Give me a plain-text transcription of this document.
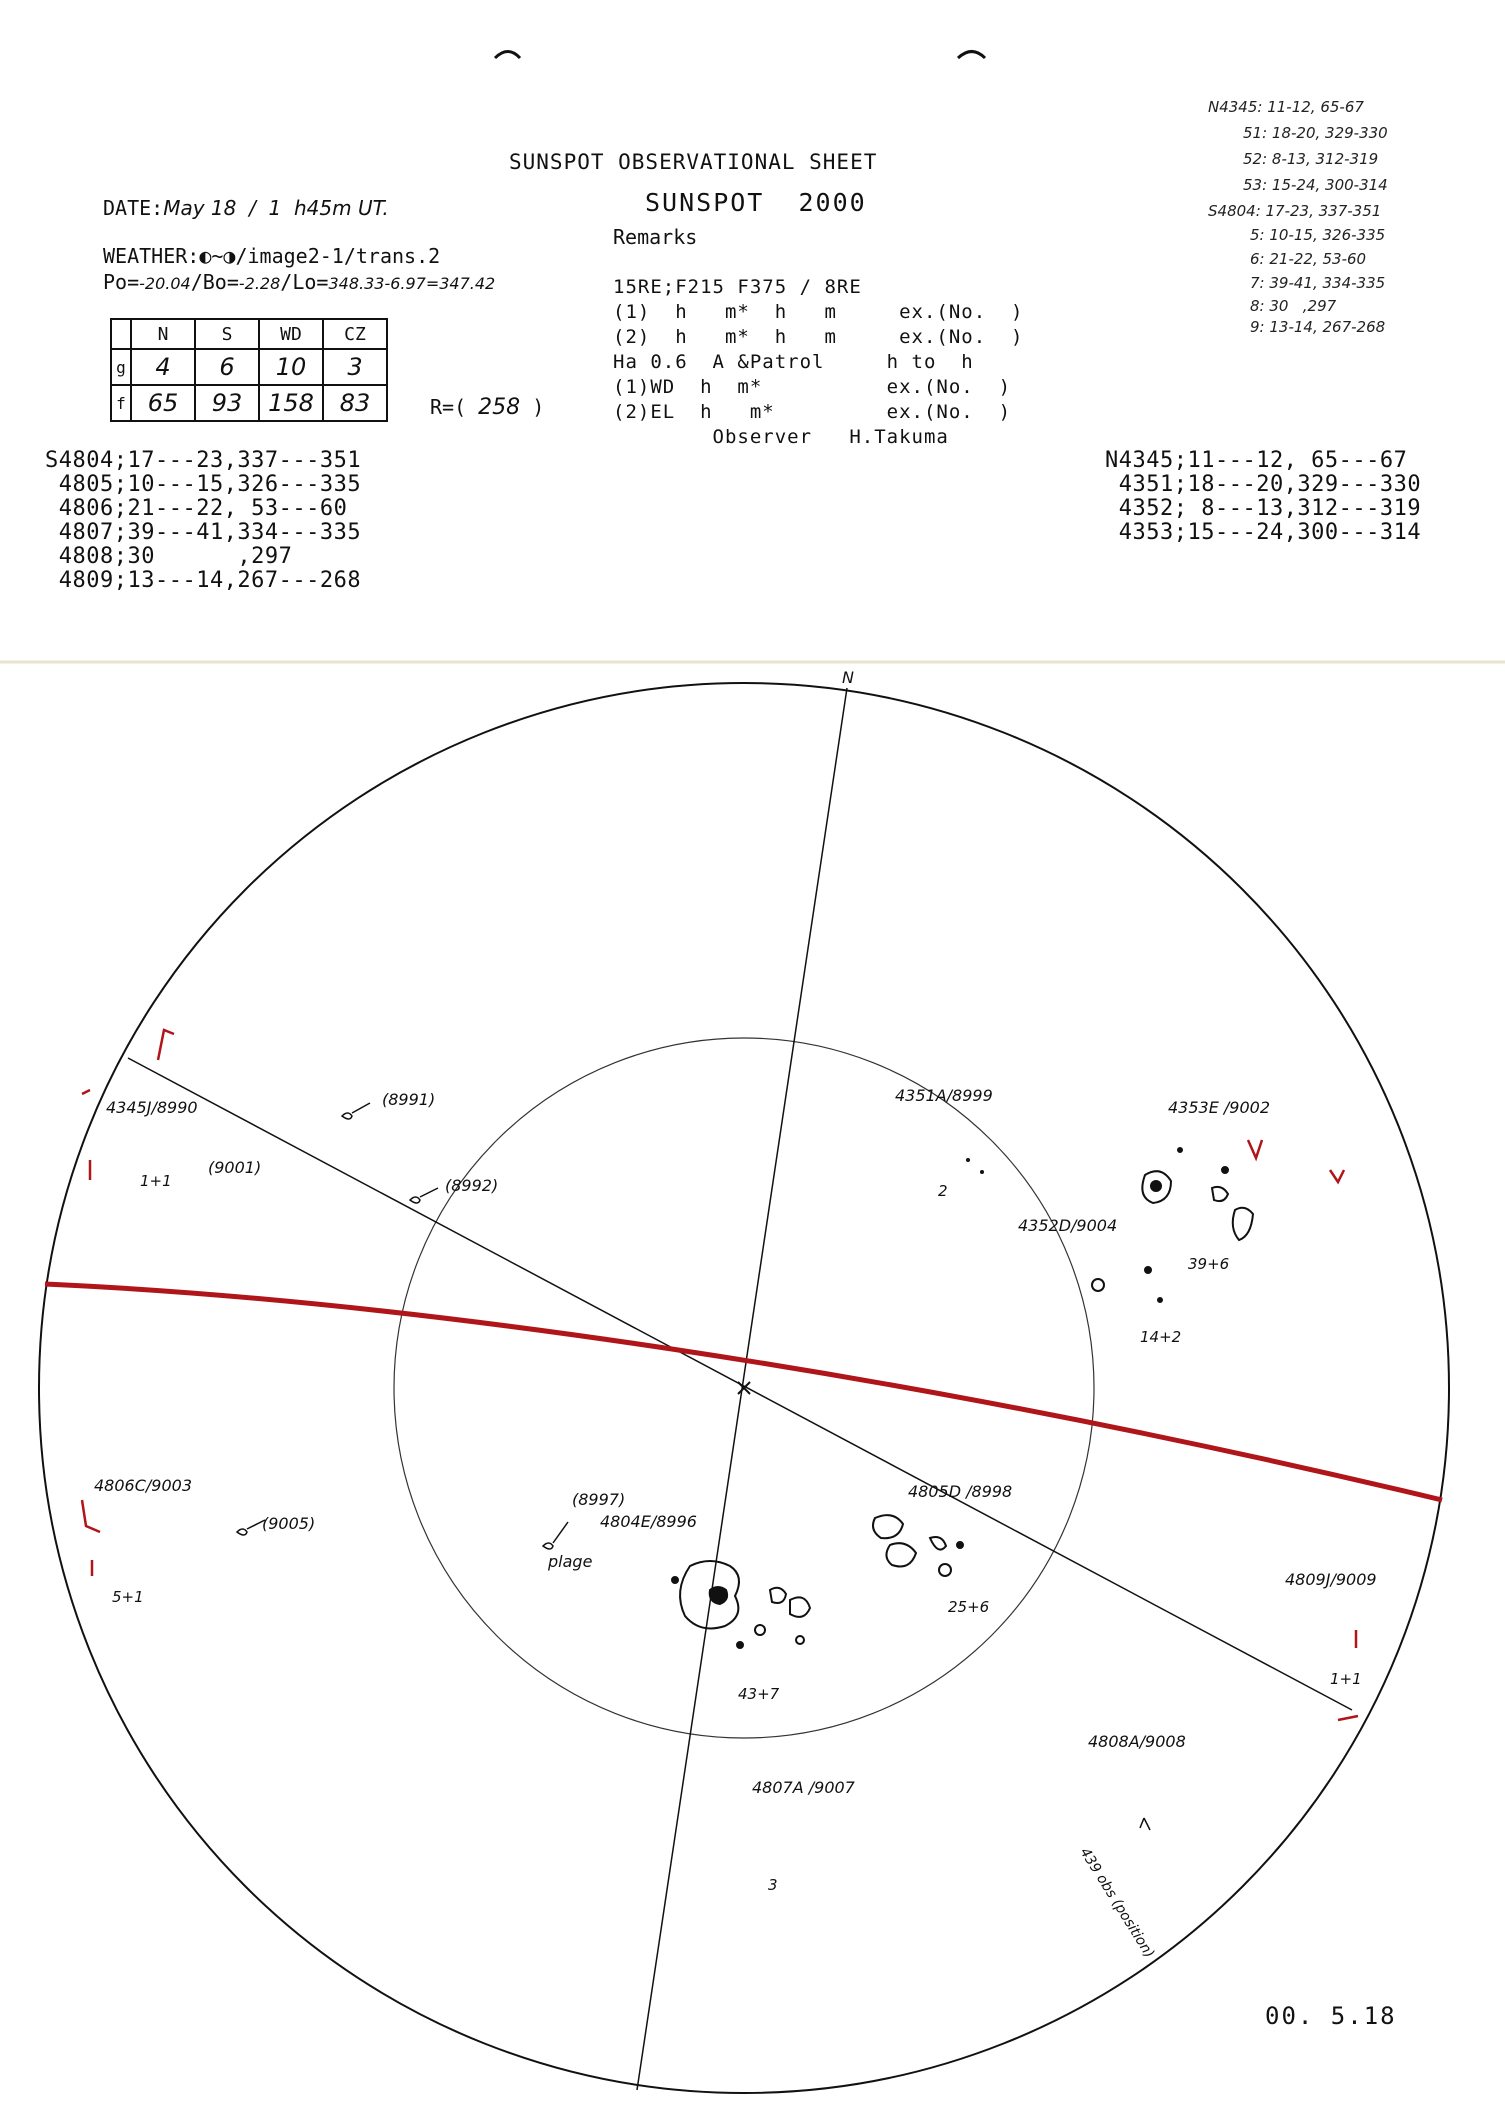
SUNSPOT OBSERVATIONAL SHEET
SUNSPOT  2000
DATE:May 18  /  1  h45m UT.
WEATHER:◐~◑/image2-1/trans.2
Po=-20.04/Bo=-2.28/Lo=348.33-6.97=347.42
	N	S	WD	CZ
g	4	6	10	3
f	65	93	158	83	R=( 258 )
Remarks
15RE;F215 F375 / 8RE
(1)  h   m*  h   m     ex.(No.  )
(2)  h   m*  h   m     ex.(No.  )
Ha 0.6  A &Patrol     h to  h
(1)WD  h  m*          ex.(No.  )
(2)EL  h   m*         ex.(No.  )
Observer   H.Takuma
N4345: 11-12, 65-67
51: 18-20, 329-330
52: 8-13, 312-319
53: 15-24, 300-314
S4804: 17-23, 337-351
5: 10-15, 326-335
6: 21-22, 53-60
7: 39-41, 334-335
8: 30   ,297
9: 13-14, 267-268
S4804;17---23,337---351
4805;10---15,326---335
4806;21---22, 53---60
4807;39---41,334---335
4808;30      ,297
4809;13---14,267---268
N4345;11---12, 65---67
4351;18---20,329---330
4352; 8---13,312---319
4353;15---24,300---314
N
4345J/8990
1+1
(8991)
(9001)
(8992)
4351A/8999
2
4353E /9002
39+6
4352D/9004
14+2
4806C/9003
5+1
(9005)
(8997)
4804E/8996
43+7
plage
4805D /8998
25+6
4809J/9009
1+1
4808A/9008
439 obs (position)
4807A /9007
3
00. 5.18
